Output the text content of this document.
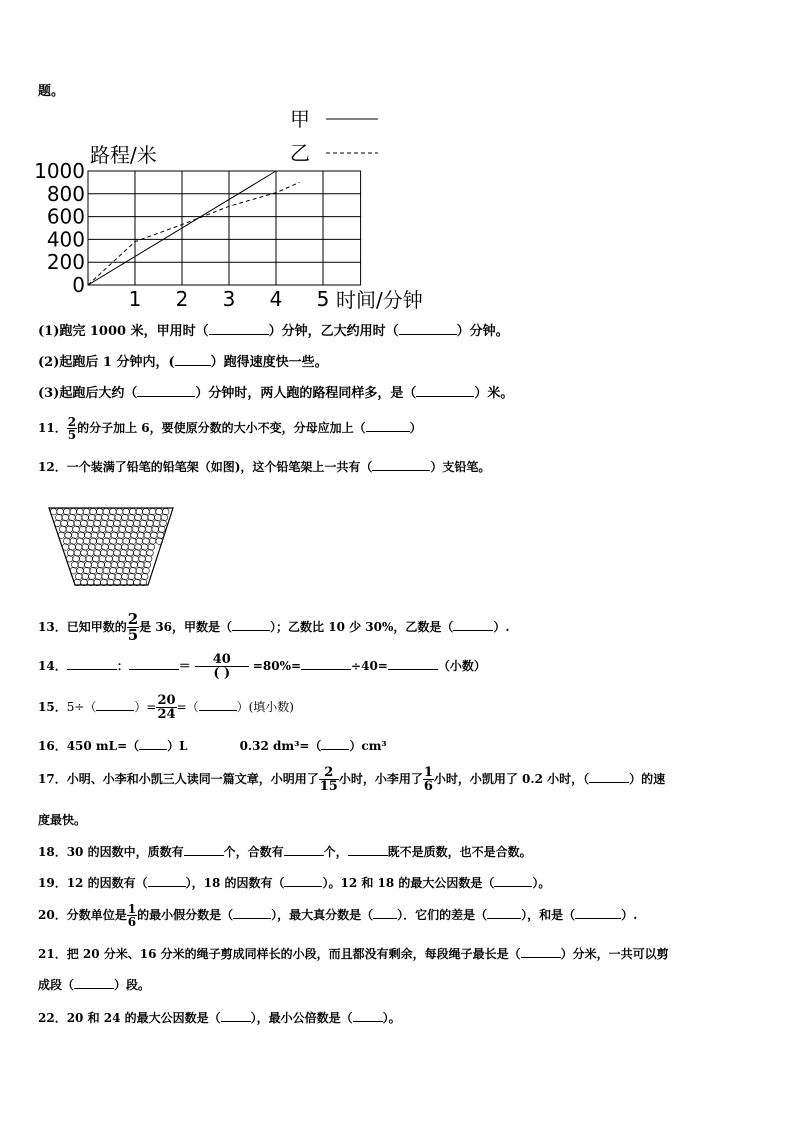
题。
路程/米
时间/分钟
0
200
400
600
800
1000
1 2 3 4 5
甲
乙
(1)跑完 1000 米，甲用时（	）分钟，乙大约用时（	）分钟。
(2)起跑后 1 分钟内，(	）跑得速度快一些。
(3)起跑后大约（	）分钟时，两人跑的路程同样多，是（	）米。
11． $\frac{2}{5}$ 的分子加上 6，要使原分数的大小不变，分母应加上（	）
12．一个装满了铅笔的铅笔架（如图)，这个铅笔架上一共有（	）支铅笔。
13．已知甲数的 $\frac{2}{5}$ 是 36，甲数是（	）；乙数比 10 少 30%，乙数是（	）.
14．	：	＝ $\frac{40}{( )} =80\%=$	÷40=	（小数）
15．5÷（	）= $\frac{20}{24}$ =（	）(填小数)
16．450 mL=（ ）L	0.32 dm³=（ ）cm³
17．小明、小李和小凯三人读同一篇文章，小明用了 $\frac{2}{15}$ 小时，小李用了 $\frac{1}{6}$ 小时，小凯用了 0.2 小时，（	）的速
度最快。
18．30 的因数中，质数有	个，合数有	个，	既不是质数，也不是合数。
19．12 的因数有（	），18 的因数有（	）。12 和 18 的最大公因数是（	）。
20．分数单位是 $\frac{1}{6}$ 的最小假分数是（	），最大真分数是（ ）．它们的差是（	），和是（	）.
21．把 20 分米、16 分米的绳子剪成同样长的小段，而且都没有剩余，每段绳子最长是（	）分米，一共可以剪
成段（	）段。
22．20 和 24 的最大公因数是（	），最小公倍数是（	）。
